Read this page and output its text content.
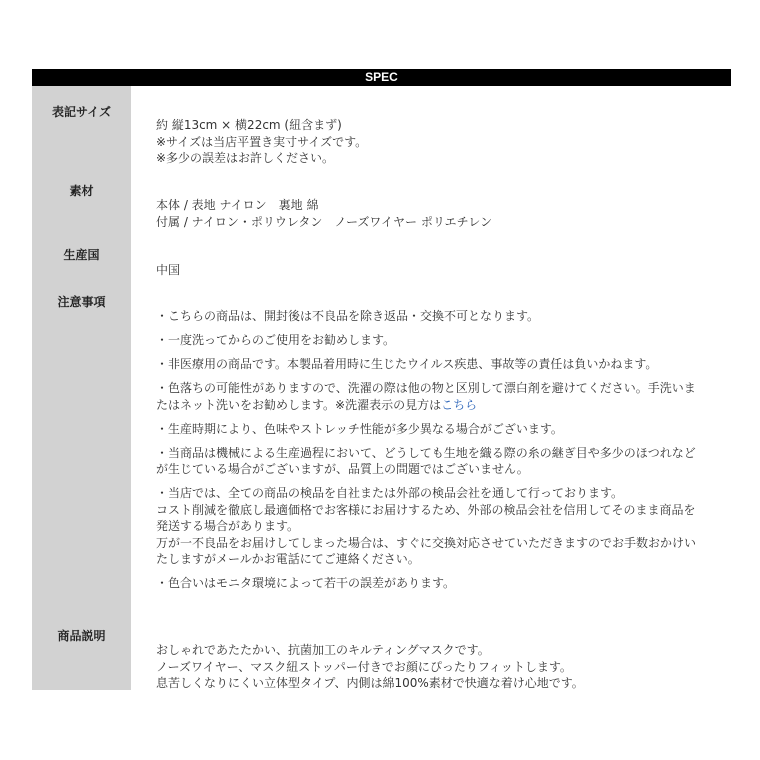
SPEC
表記サイズ
素材
生産国
注意事項
商品説明
約 縦13cm × 横22cm (紐含まず)
※サイズは当店平置き実寸サイズです。
※多少の誤差はお許しください。
本体 / 表地 ナイロン　裏地 綿
付属 / ナイロン・ポリウレタン　ノーズワイヤー ポリエチレン
中国
・こちらの商品は、開封後は不良品を除き返品・交換不可となります。
・一度洗ってからのご使用をお勧めします。
・非医療用の商品です。本製品着用時に生じたウイルス疾患、事故等の責任は負いかねます。
・色落ちの可能性がありますので、洗濯の際は他の物と区別して漂白剤を避けてください。手洗いま
たはネット洗いをお勧めします。※洗濯表示の見方はこちら
・生産時期により、色味やストレッチ性能が多少異なる場合がございます。
・当商品は機械による生産過程において、どうしても生地を織る際の糸の継ぎ目や多少のほつれなど
が生じている場合がございますが、品質上の問題ではございません。
・当店では、全ての商品の検品を自社または外部の検品会社を通して行っております。
コスト削減を徹底し最適価格でお客様にお届けするため、外部の検品会社を信用してそのまま商品を
発送する場合があります。
万が一不良品をお届けしてしまった場合は、すぐに交換対応させていただきますのでお手数おかけい
たしますがメールかお電話にてご連絡ください。
・色合いはモニタ環境によって若干の誤差があります。
おしゃれであたたかい、抗菌加工のキルティングマスクです。
ノーズワイヤー、マスク紐ストッパー付きでお顔にぴったりフィットします。
息苦しくなりにくい立体型タイプ、内側は綿100%素材で快適な着け心地です。
